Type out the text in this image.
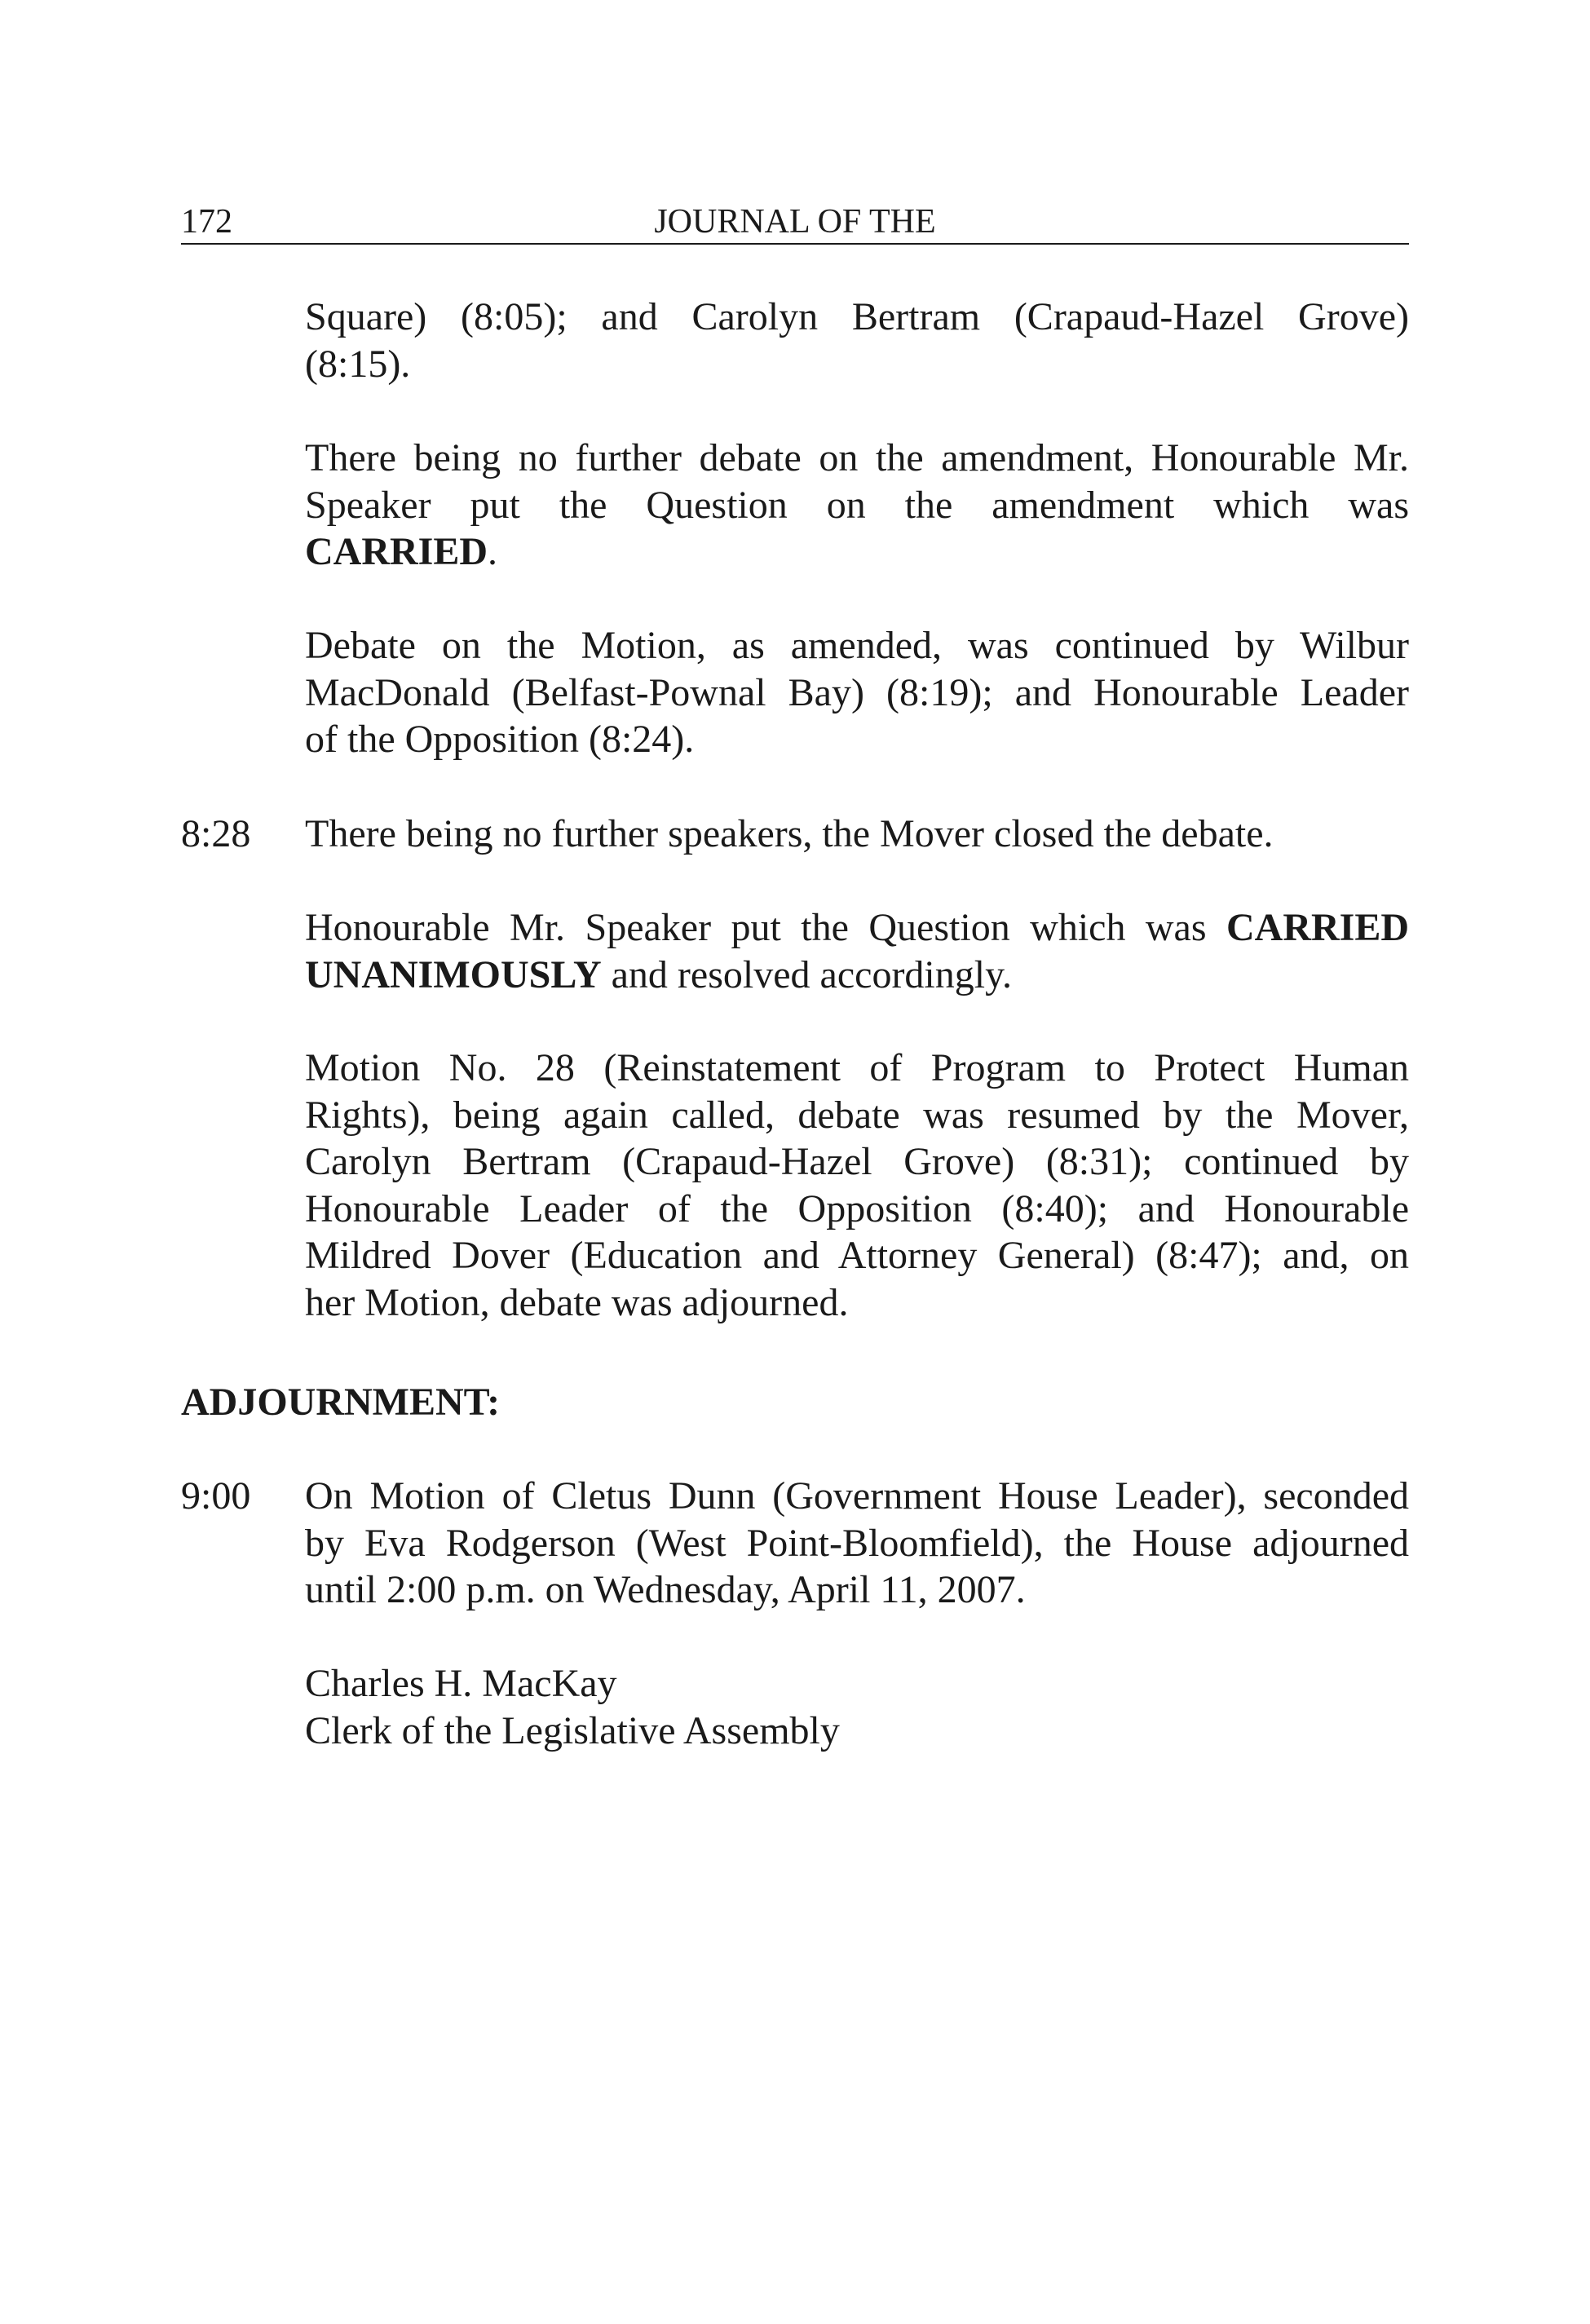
172	JOURNAL OF THE
Square) (8:05); and Carolyn Bertram (Crapaud-Hazel Grove)
(8:15).
There being no further debate on the amendment, Honourable Mr.
Speaker put the Question on the amendment which was
CARRIED.
Debate on the Motion, as amended, was continued by Wilbur
MacDonald (Belfast-Pownal Bay) (8:19); and Honourable Leader
of the Opposition (8:24).
8:28 There being no further speakers, the Mover closed the debate.
Honourable Mr. Speaker put the Question which was CARRIED
UNANIMOUSLY and resolved accordingly.
Motion No. 28 (Reinstatement of Program to Protect Human
Rights), being again called, debate was resumed by the Mover,
Carolyn Bertram (Crapaud-Hazel Grove) (8:31); continued by
Honourable Leader of the Opposition (8:40); and Honourable
Mildred Dover (Education and Attorney General) (8:47); and, on
her Motion, debate was adjourned.
ADJOURNMENT:
9:00 On Motion of Cletus Dunn (Government House Leader), seconded
by Eva Rodgerson (West Point-Bloomfield), the House adjourned
until 2:00 p.m. on Wednesday, April 11, 2007.
Charles H. MacKay
Clerk of the Legislative Assembly
